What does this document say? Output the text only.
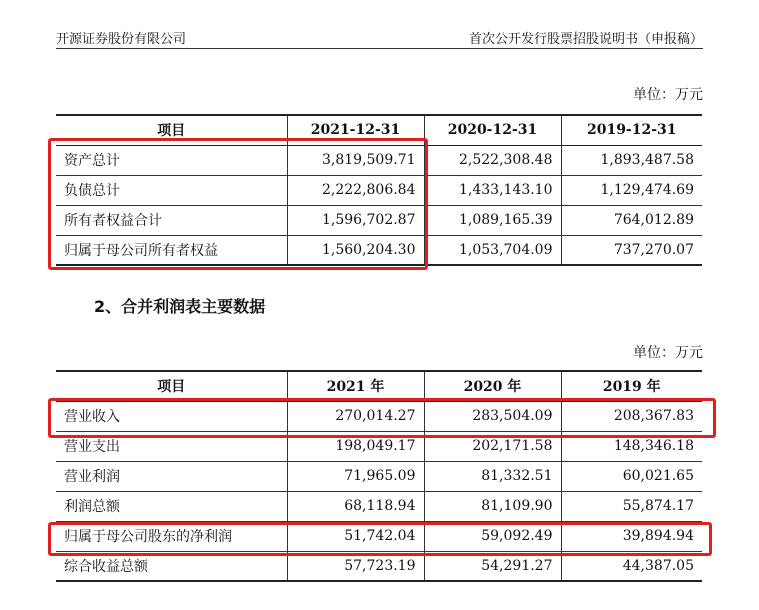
开源证券股份有限公司	首次公开发行股票招股说明书（申报稿）
单位：万元
项目	2021-12-31	2020-12-31	2019-12-31
资产总计	3,819,509.71	2,522,308.48	1,893,487.58
负债总计	2,222,806.84	1,433,143.10	1,129,474.69
所有者权益合计	1,596,702.87	1,089,165.39	764,012.89
归属于母公司所有者权益	1,560,204.30	1,053,704.09	737,270.07
2、合并利润表主要数据
单位：万元
项目	2021 年	2020 年	2019 年
营业收入	270,014.27	283,504.09	208,367.83
营业支出	198,049.17	202,171.58	148,346.18
营业利润	71,965.09	81,332.51	60,021.65
利润总额	68,118.94	81,109.90	55,874.17
归属于母公司股东的净利润	51,742.04	59,092.49	39,894.94
综合收益总额	57,723.19	54,291.27	44,387.05
